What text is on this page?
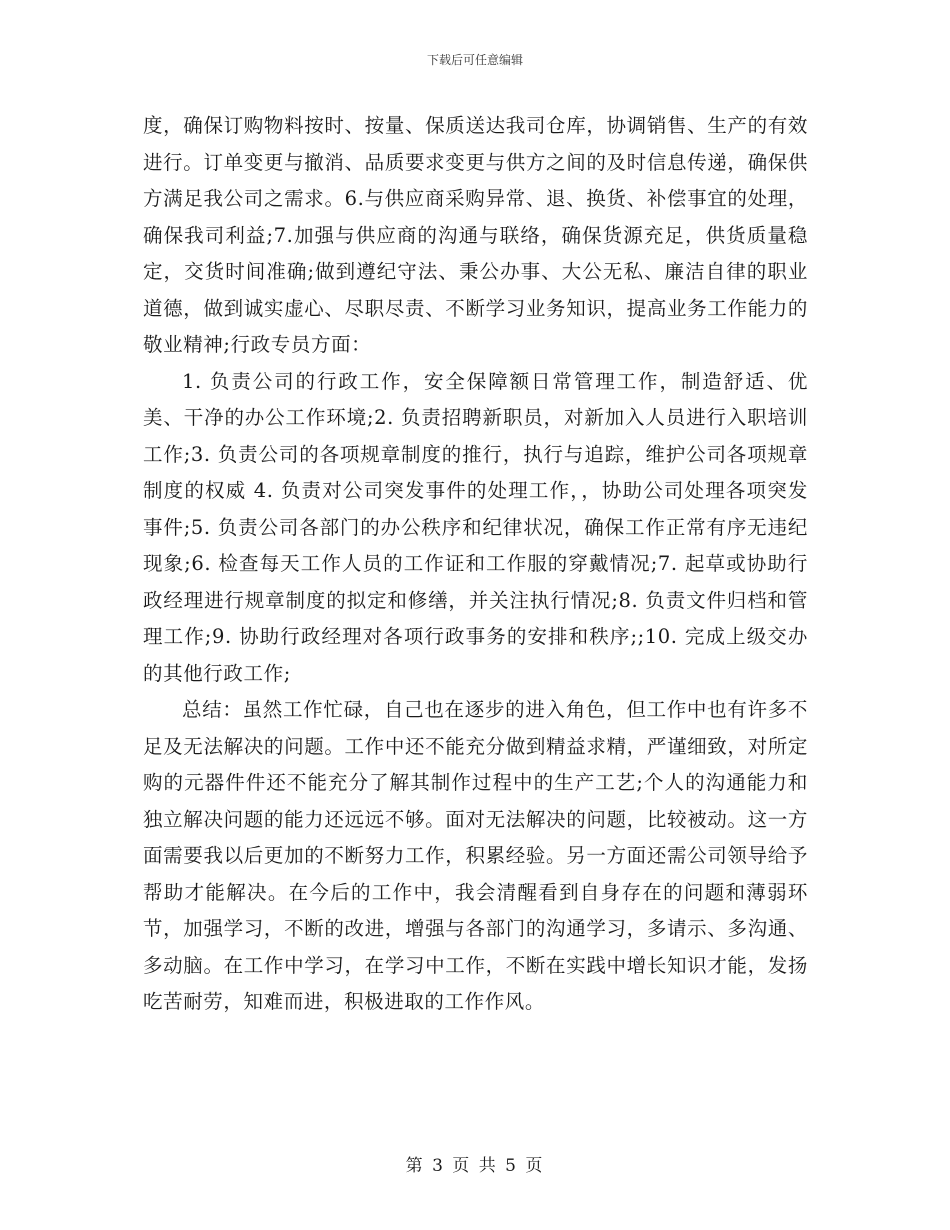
下载后可任意编辑

度，确保订购物料按时、按量、保质送达我司仓库，协调销售、生产的有效进行。订单变更与撤消、品质要求变更与供方之间的及时信息传递，确保供方满足我公司之需求。6.与供应商采购异常、退、换货、补偿事宜的处理，确保我司利益;7.加强与供应商的沟通与联络，确保货源充足，供货质量稳定，交货时间准确;做到遵纪守法、秉公办事、大公无私、廉洁自律的职业道德，做到诚实虚心、尽职尽责、不断学习业务知识，提高业务工作能力的敬业精神;行政专员方面：

1. 负责公司的行政工作，安全保障额日常管理工作，制造舒适、优美、干净的办公工作环境;2. 负责招聘新职员，对新加入人员进行入职培训工作;3. 负责公司的各项规章制度的推行，执行与追踪，维护公司各项规章制度的权威 4. 负责对公司突发事件的处理工作，，协助公司处理各项突发事件;5. 负责公司各部门的办公秩序和纪律状况，确保工作正常有序无违纪现象;6. 检查每天工作人员的工作证和工作服的穿戴情况;7. 起草或协助行政经理进行规章制度的拟定和修缮，并关注执行情况;8. 负责文件归档和管理工作;9. 协助行政经理对各项行政事务的安排和秩序;;10. 完成上级交办的其他行政工作;

总结：虽然工作忙碌，自己也在逐步的进入角色，但工作中也有许多不足及无法解决的问题。工作中还不能充分做到精益求精，严谨细致，对所定购的元器件件还不能充分了解其制作过程中的生产工艺;个人的沟通能力和独立解决问题的能力还远远不够。面对无法解决的问题，比较被动。这一方面需要我以后更加的不断努力工作，积累经验。另一方面还需公司领导给予帮助才能解决。在今后的工作中，我会清醒看到自身存在的问题和薄弱环节，加强学习，不断的改进，增强与各部门的沟通学习，多请示、多沟通、多动脑。在工作中学习，在学习中工作，不断在实践中增长知识才能，发扬吃苦耐劳，知难而进，积极进取的工作作风。

第 3 页 共 5 页
